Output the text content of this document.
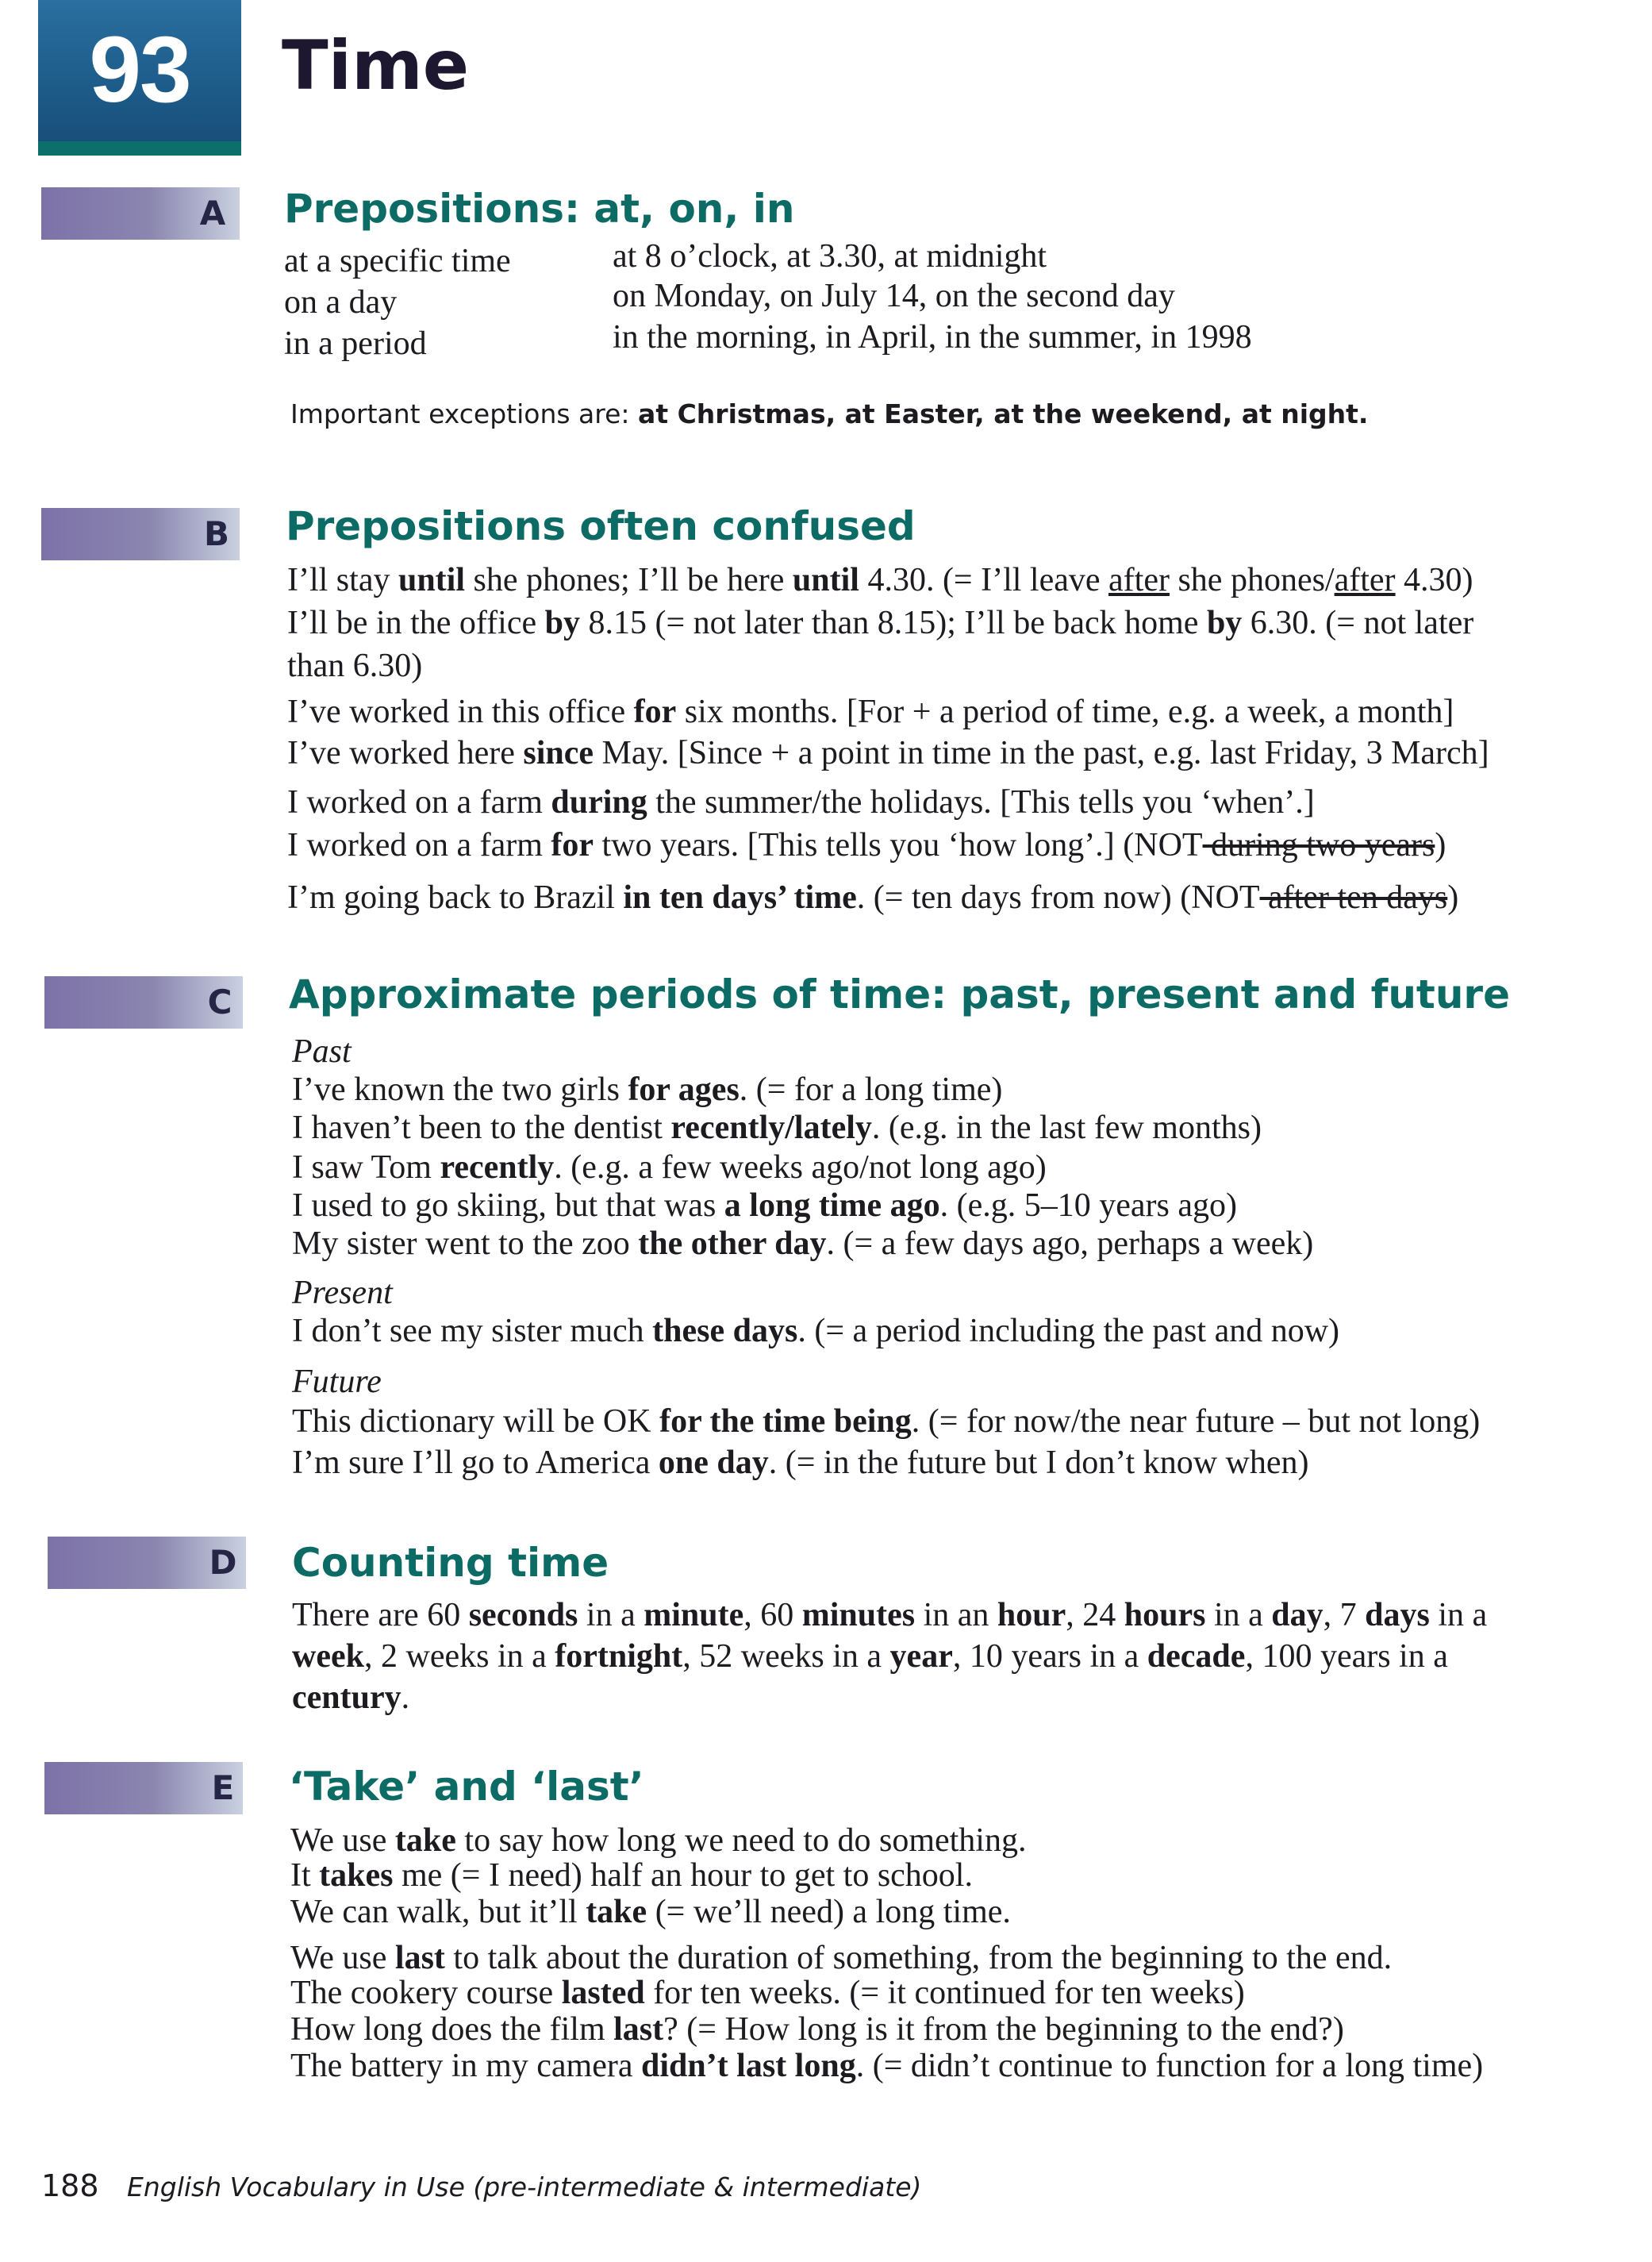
93	Time
A Prepositions: at, on, in
at a specific time	at 8 o’clock, at 3.30, at midnight
on a day	on Monday, on July 14, on the second day
in a period	in the morning, in April, in the summer, in 1998
Important exceptions are: at Christmas, at Easter, at the weekend, at night.
B Prepositions often confused
I’ll stay until she phones; I’ll be here until 4.30. (= I’ll leave after she phones/after 4.30)
I’ll be in the office by 8.15 (= not later than 8.15); I’ll be back home by 6.30. (= not later
than 6.30)
I’ve worked in this office for six months. [For + a period of time, e.g. a week, a month]
I’ve worked here since May. [Since + a point in time in the past, e.g. last Friday, 3 March]
I worked on a farm during the summer/the holidays. [This tells you ‘when’.]
I worked on a farm for two years. [This tells you ‘how long’.] (NOT during two years)
I’m going back to Brazil in ten days’ time. (= ten days from now) (NOT after ten days)
C Approximate periods of time: past, present and future
Past
I’ve known the two girls for ages. (= for a long time)
I haven’t been to the dentist recently/lately. (e.g. in the last few months)
I saw Tom recently. (e.g. a few weeks ago/not long ago)
I used to go skiing, but that was a long time ago. (e.g. 5–10 years ago)
My sister went to the zoo the other day. (= a few days ago, perhaps a week)
Present
I don’t see my sister much these days. (= a period including the past and now)
Future
This dictionary will be OK for the time being. (= for now/the near future – but not long)
I’m sure I’ll go to America one day. (= in the future but I don’t know when)
D Counting time
There are 60 seconds in a minute, 60 minutes in an hour, 24 hours in a day, 7 days in a
week, 2 weeks in a fortnight, 52 weeks in a year, 10 years in a decade, 100 years in a
century.
E ‘Take’ and ‘last’
We use take to say how long we need to do something.
It takes me (= I need) half an hour to get to school.
We can walk, but it’ll take (= we’ll need) a long time.
We use last to talk about the duration of something, from the beginning to the end.
The cookery course lasted for ten weeks. (= it continued for ten weeks)
How long does the film last? (= How long is it from the beginning to the end?)
The battery in my camera didn’t last long. (= didn’t continue to function for a long time)
188 English Vocabulary in Use (pre-intermediate & intermediate)
